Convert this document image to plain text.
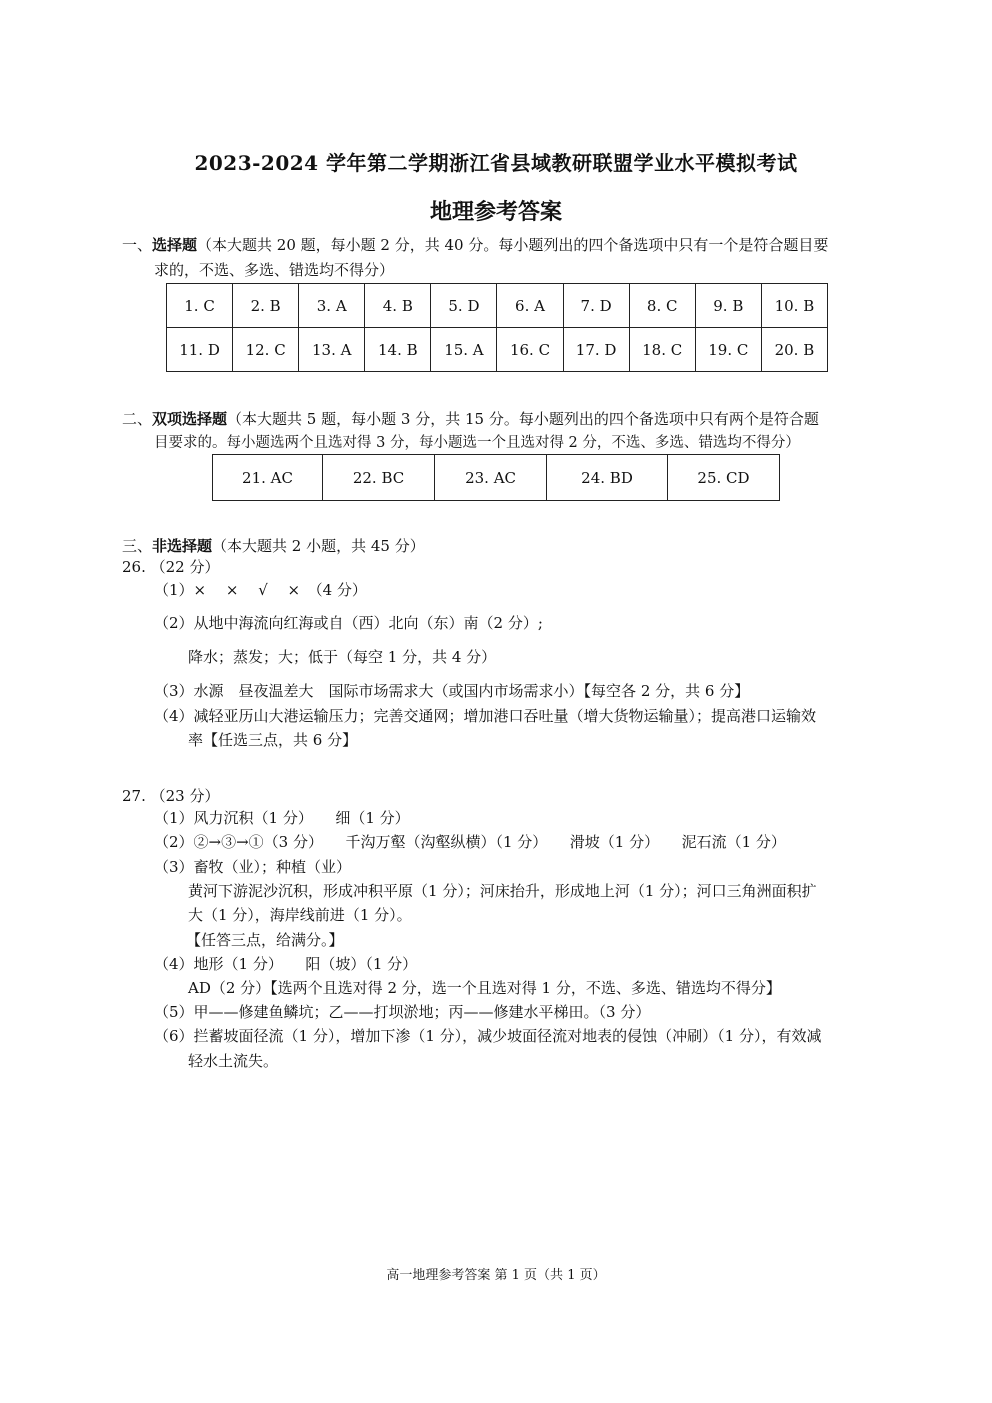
2023-2024 学年第二学期浙江省县域教研联盟学业水平模拟考试
地理参考答案
一、选择题（本大题共 20 题，每小题 2 分，共 40 分。每小题列出的四个备选项中只有一个是符合题目要
求的，不选、多选、错选均不得分）
1. C	2. B	3. A	4. B	5. D	6. A	7. D	8. C	9. B	10. B
11. D	12. C	13. A	14. B	15. A	16. C	17. D	18. C	19. C	20. B
二、双项选择题（本大题共 5 题，每小题 3 分，共 15 分。每小题列出的四个备选项中只有两个是符合题
目要求的。每小题选两个且选对得 3 分，每小题选一个且选对得 2 分，不选、多选、错选均不得分）
21. AC	22. BC	23. AC	24. BD	25. CD
三、非选择题（本大题共 2 小题，共 45 分）
26. （22 分）
（1）×　 ×　 √　 ×　（4 分）
（2）从地中海流向红海或自（西）北向（东）南（2 分）;
降水；蒸发；大；低于（每空 1 分，共 4 分）
（3）水源　昼夜温差大　国际市场需求大（或国内市场需求小）【每空各 2 分，共 6 分】
（4）减轻亚历山大港运输压力；完善交通网；增加港口吞吐量（增大货物运输量）；提高港口运输效
率【任选三点，共 6 分】
27. （23 分）
（1）风力沉积（1 分）　　细（1 分）
（2）②→③→①（3 分）　　千沟万壑（沟壑纵横）（1 分）　　滑坡（1 分）　　泥石流（1 分）
（3）畜牧（业）；种植（业）
黄河下游泥沙沉积，形成冲积平原（1 分）；河床抬升，形成地上河（1 分）；河口三角洲面积扩
大（1 分），海岸线前进（1 分）。
【任答三点，给满分。】
（4）地形（1 分）　　阳（坡）（1 分）
AD（2 分）【选两个且选对得 2 分，选一个且选对得 1 分，不选、多选、错选均不得分】
（5）甲——修建鱼鳞坑；乙——打坝淤地；丙——修建水平梯田。（3 分）
（6）拦蓄坡面径流（1 分），增加下渗（1 分），减少坡面径流对地表的侵蚀（冲刷）（1 分），有效减
轻水土流失。
高一地理参考答案 第 1 页（共 1 页）
